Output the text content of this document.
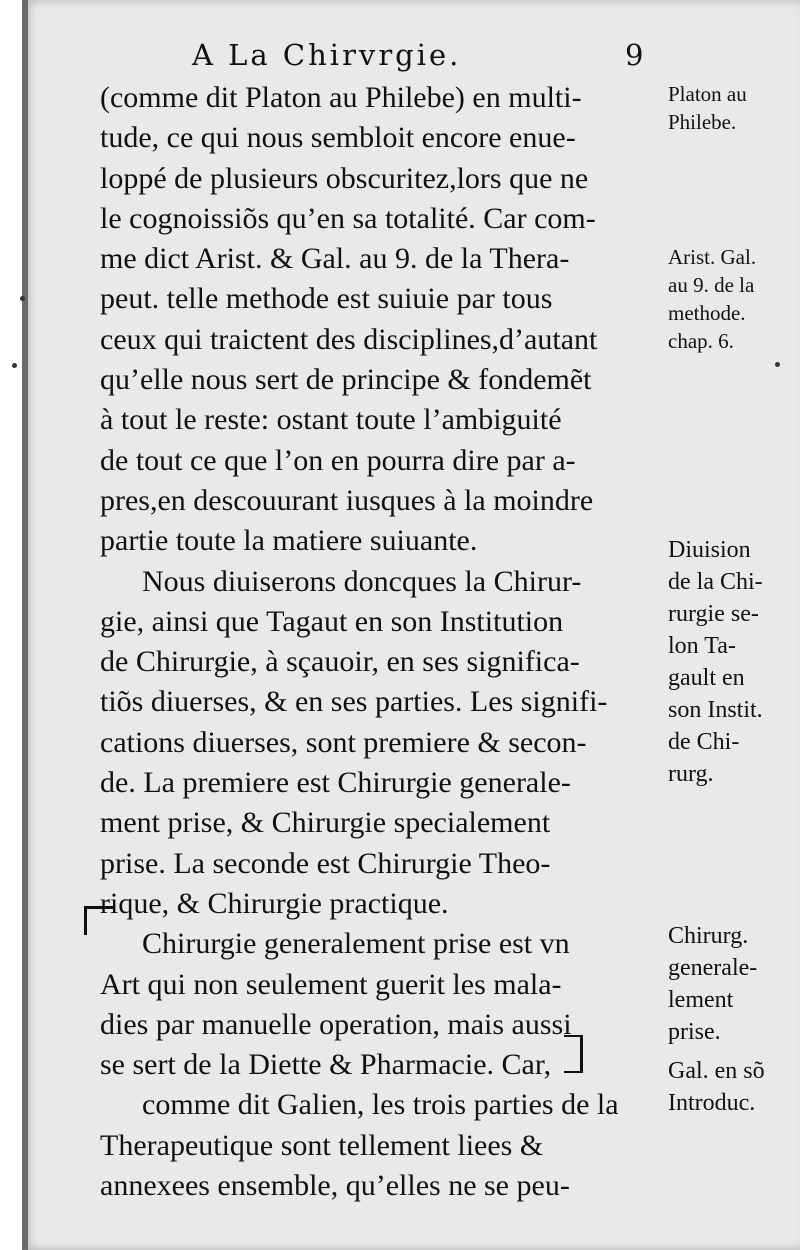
A La Chirvrgie.	9
(comme dit Platon au Philebe) en multi-
tude, ce qui nous sembloit encore enue-
loppé de plusieurs obscuritez,lors que ne
le cognoissiõs qu’en sa totalité. Car com-
me dict Arist. & Gal. au 9. de la Thera-
peut. telle methode est suiuie par tous
ceux qui traictent des disciplines,d’autant
qu’elle nous sert de principe & fondemẽt
à tout le reste: ostant toute l’ambiguité
de tout ce que l’on en pourra dire par a-
pres,en descouurant iusques à la moindre
partie toute la matiere suiuante.
Nous diuiserons doncques la Chirur-
gie, ainsi que Tagaut en son Institution
de Chirurgie, à sçauoir, en ses significa-
tiõs diuerses, & en ses parties. Les signifi-
cations diuerses, sont premiere & secon-
de. La premiere est Chirurgie generale-
ment prise, & Chirurgie specialement
prise. La seconde est Chirurgie Theo-
rique, & Chirurgie practique.
Chirurgie generalement prise est vn
Art qui non seulement guerit les mala-
dies par manuelle operation, mais aussi
se sert de la Diette & Pharmacie. Car,
comme dit Galien, les trois parties de la
Therapeutique sont tellement liees &
annexees ensemble, qu’elles ne se peu-
Platon au
Philebe.
Arist. Gal.
au 9. de la
methode.
chap. 6.
Diuision
de la Chi-
rurgie se-
lon Ta-
gault en
son Instit.
de Chi-
rurg.
Chirurg.
generale-
lement
prise.
Gal. en sõ
Introduc.
